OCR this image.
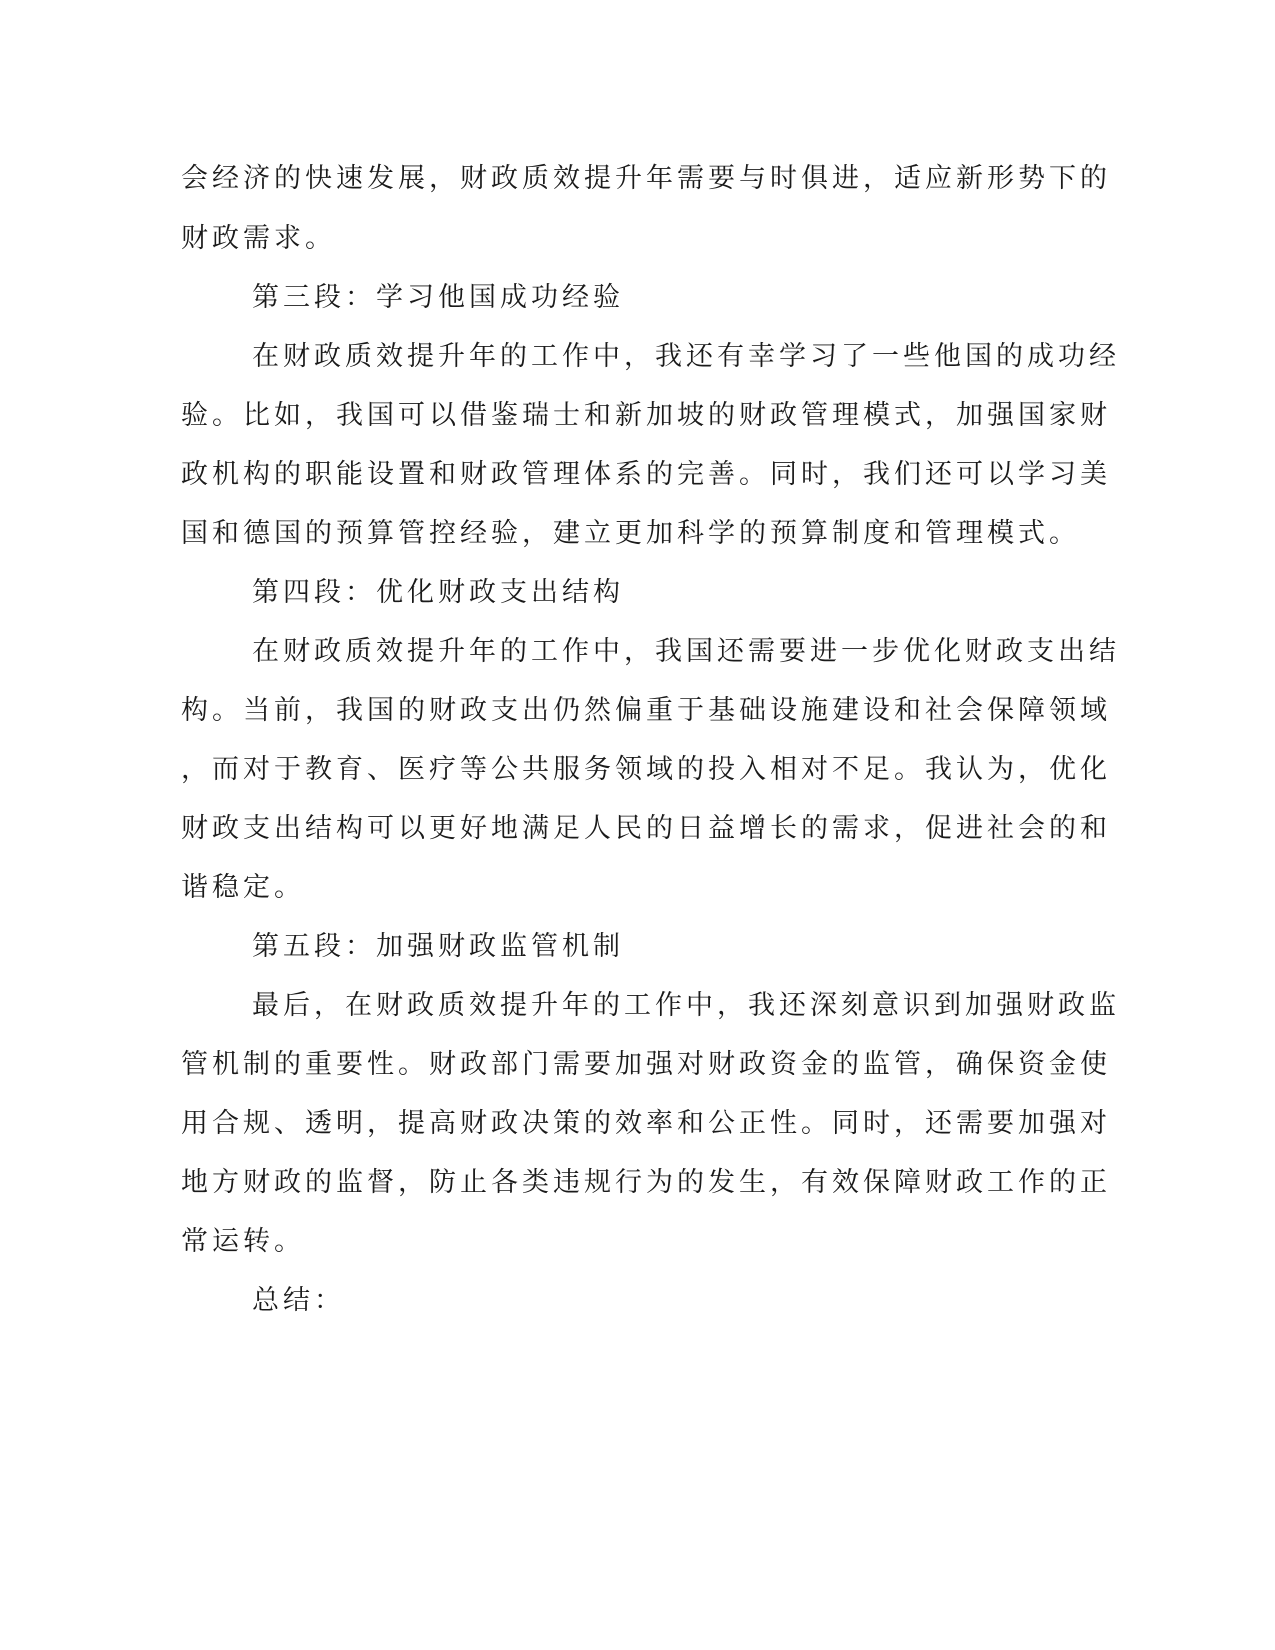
会经济的快速发展，财政质效提升年需要与时俱进，适应新形势下的
财政需求。
第三段：学习他国成功经验
在财政质效提升年的工作中，我还有幸学习了一些他国的成功经
验。比如，我国可以借鉴瑞士和新加坡的财政管理模式，加强国家财
政机构的职能设置和财政管理体系的完善。同时，我们还可以学习美
国和德国的预算管控经验，建立更加科学的预算制度和管理模式。
第四段：优化财政支出结构
在财政质效提升年的工作中，我国还需要进一步优化财政支出结
构。当前，我国的财政支出仍然偏重于基础设施建设和社会保障领域
，而对于教育、医疗等公共服务领域的投入相对不足。我认为，优化
财政支出结构可以更好地满足人民的日益增长的需求，促进社会的和
谐稳定。
第五段：加强财政监管机制
最后，在财政质效提升年的工作中，我还深刻意识到加强财政监
管机制的重要性。财政部门需要加强对财政资金的监管，确保资金使
用合规、透明，提高财政决策的效率和公正性。同时，还需要加强对
地方财政的监督，防止各类违规行为的发生，有效保障财政工作的正
常运转。
总结：
